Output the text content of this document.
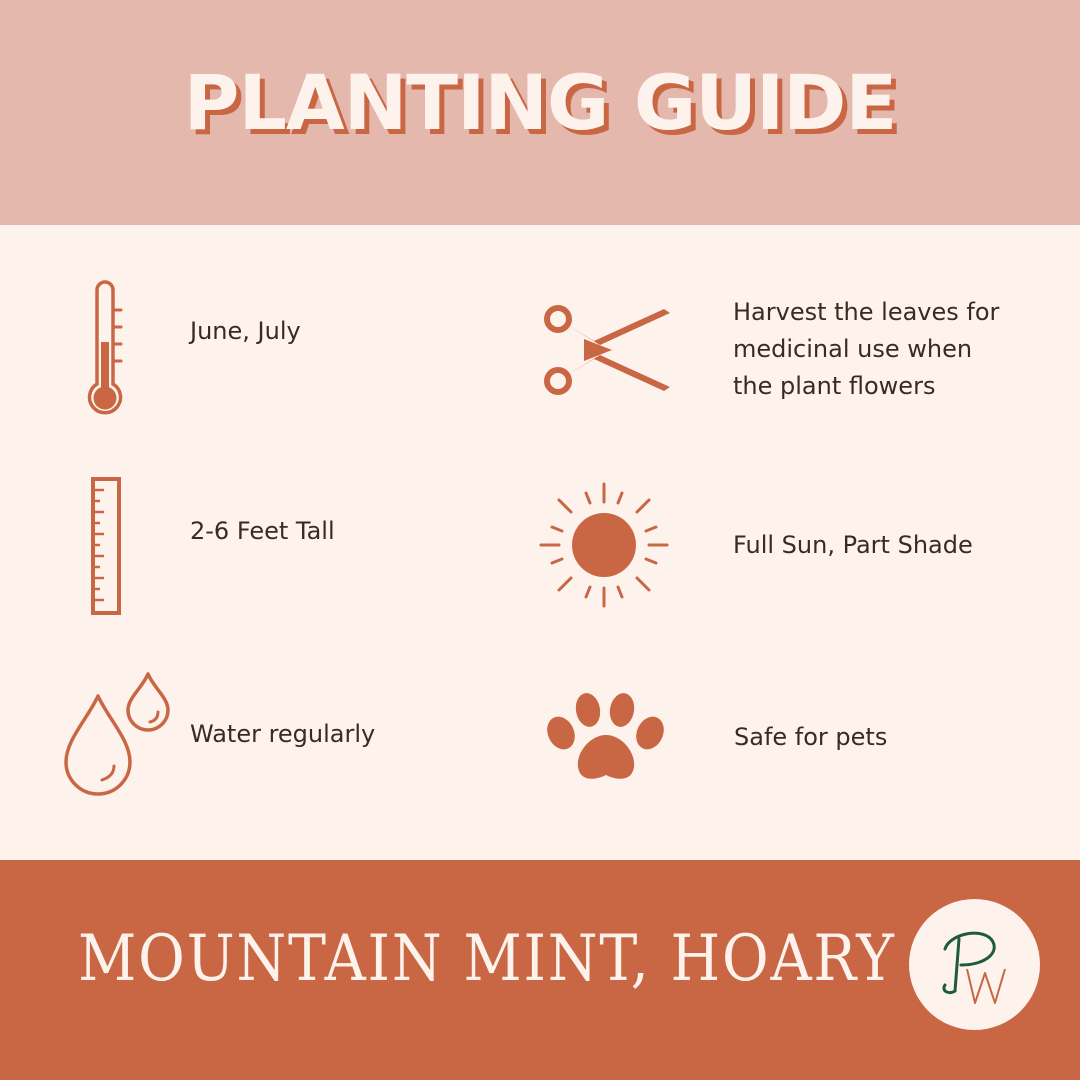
PLANTING GUIDE
June, July
2-6 Feet Tall
Water regularly
Harvest the leaves for
medicinal use when
the plant flowers
Full Sun, Part Shade
Safe for pets
MOUNTAIN MINT, HOARY
